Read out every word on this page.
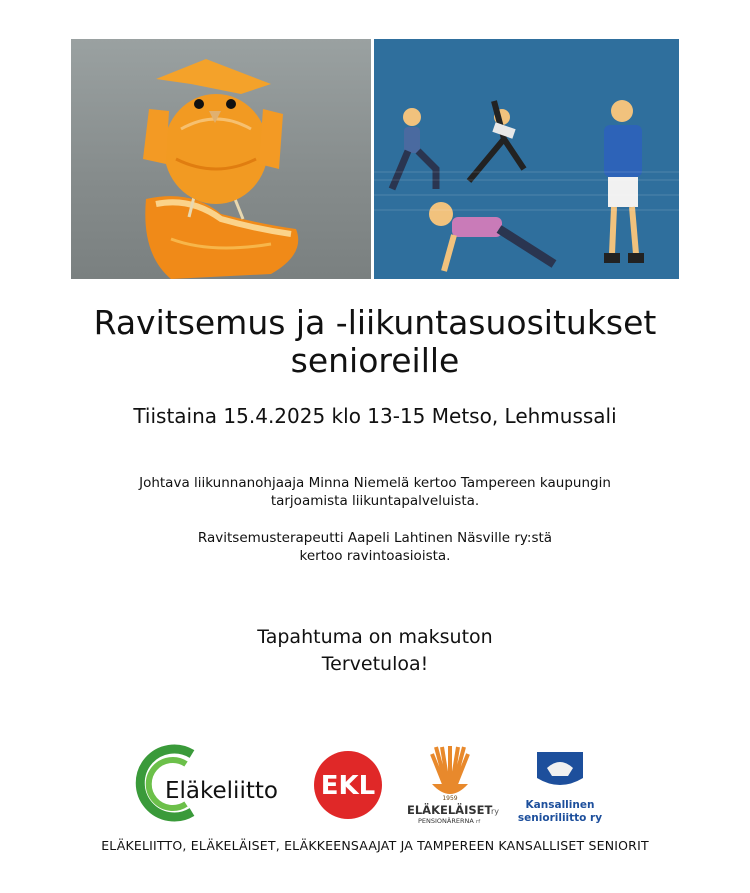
Ravitsemus ja -liikuntasuositukset
senioreille
Tiistaina 15.4.2025 klo 13-15 Metso, Lehmussali
Johtava liikunnanohjaaja Minna Niemelä kertoo Tampereen kaupungin
tarjoamista liikuntapalveluista.
Ravitsemusterapeutti Aapeli Lahtinen Näsville ry:stä
kertoo ravintoasioista.
Tapahtuma on maksuton
Tervetuloa!
Eläkeliitto EKL	1959
ELÄKELÄISET
ry
PENSIONÄRERNA rf
Kansallinen
senioriliitto ry
ELÄKELIITTO, ELÄKELÄISET, ELÄKKEENSAAJAT JA TAMPEREEN KANSALLISET SENIORIT
